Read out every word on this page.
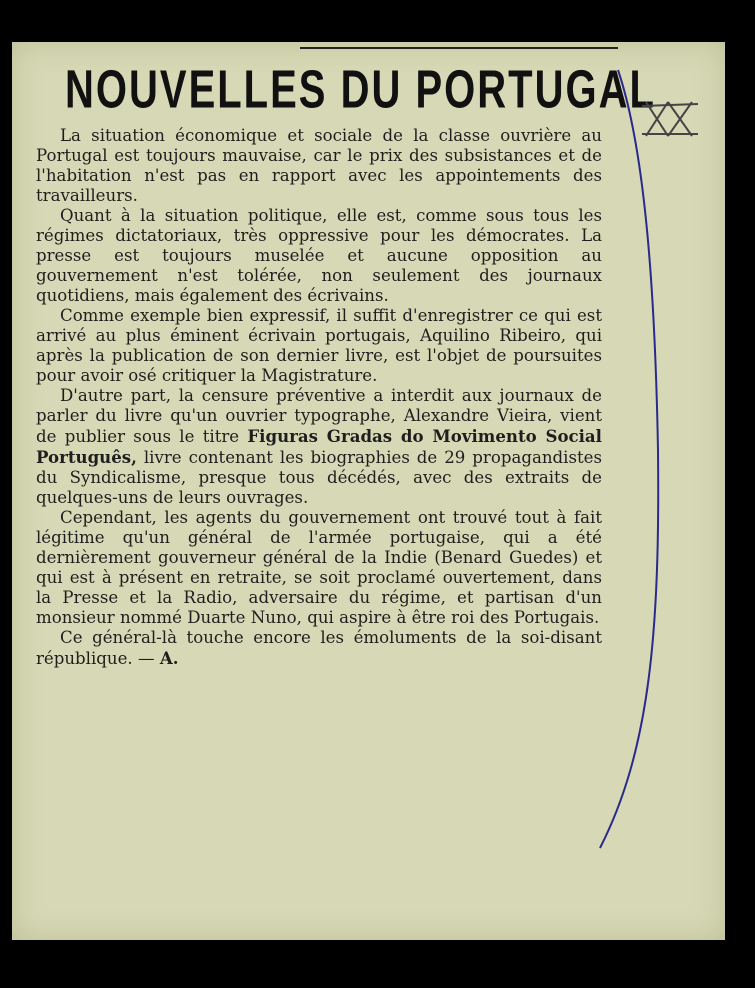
NOUVELLES DU PORTUGAL

La situation économique et sociale de la classe ouvrière au Portugal est toujours mauvaise, car le prix des subsistances et de l'habitation n'est pas en rapport avec les appointements des travailleurs.

Quant à la situation politique, elle est, comme sous tous les régimes dictatoriaux, très oppressive pour les démocrates. La presse est toujours muselée et aucune opposition au gouvernement n'est tolérée, non seulement des journaux quotidiens, mais également des écrivains.

Comme exemple bien expressif, il suffit d'enregistrer ce qui est arrivé au plus éminent écrivain portugais, Aquilino Ribeiro, qui après la publication de son dernier livre, est l'objet de poursuites pour avoir osé critiquer la Magistrature.

D'autre part, la censure préventive a interdit aux journaux de parler du livre qu'un ouvrier typographe, Alexandre Vieira, vient de publier sous le titre Figuras Gradas do Movimento Social Português, livre contenant les biographies de 29 propagandistes du Syndicalisme, presque tous décédés, avec des extraits de quelques-uns de leurs ouvrages.

Cependant, les agents du gouvernement ont trouvé tout à fait légitime qu'un général de l'armée portugaise, qui a été dernièrement gouverneur général de la Indie (Benard Guedes) et qui est à présent en retraite, se soit proclamé ouvertement, dans la Presse et la Radio, adversaire du régime, et partisan d'un monsieur nommé Duarte Nuno, qui aspire à être roi des Portugais.

Ce général-là touche encore les émoluments de la soi-disant république. — A.
